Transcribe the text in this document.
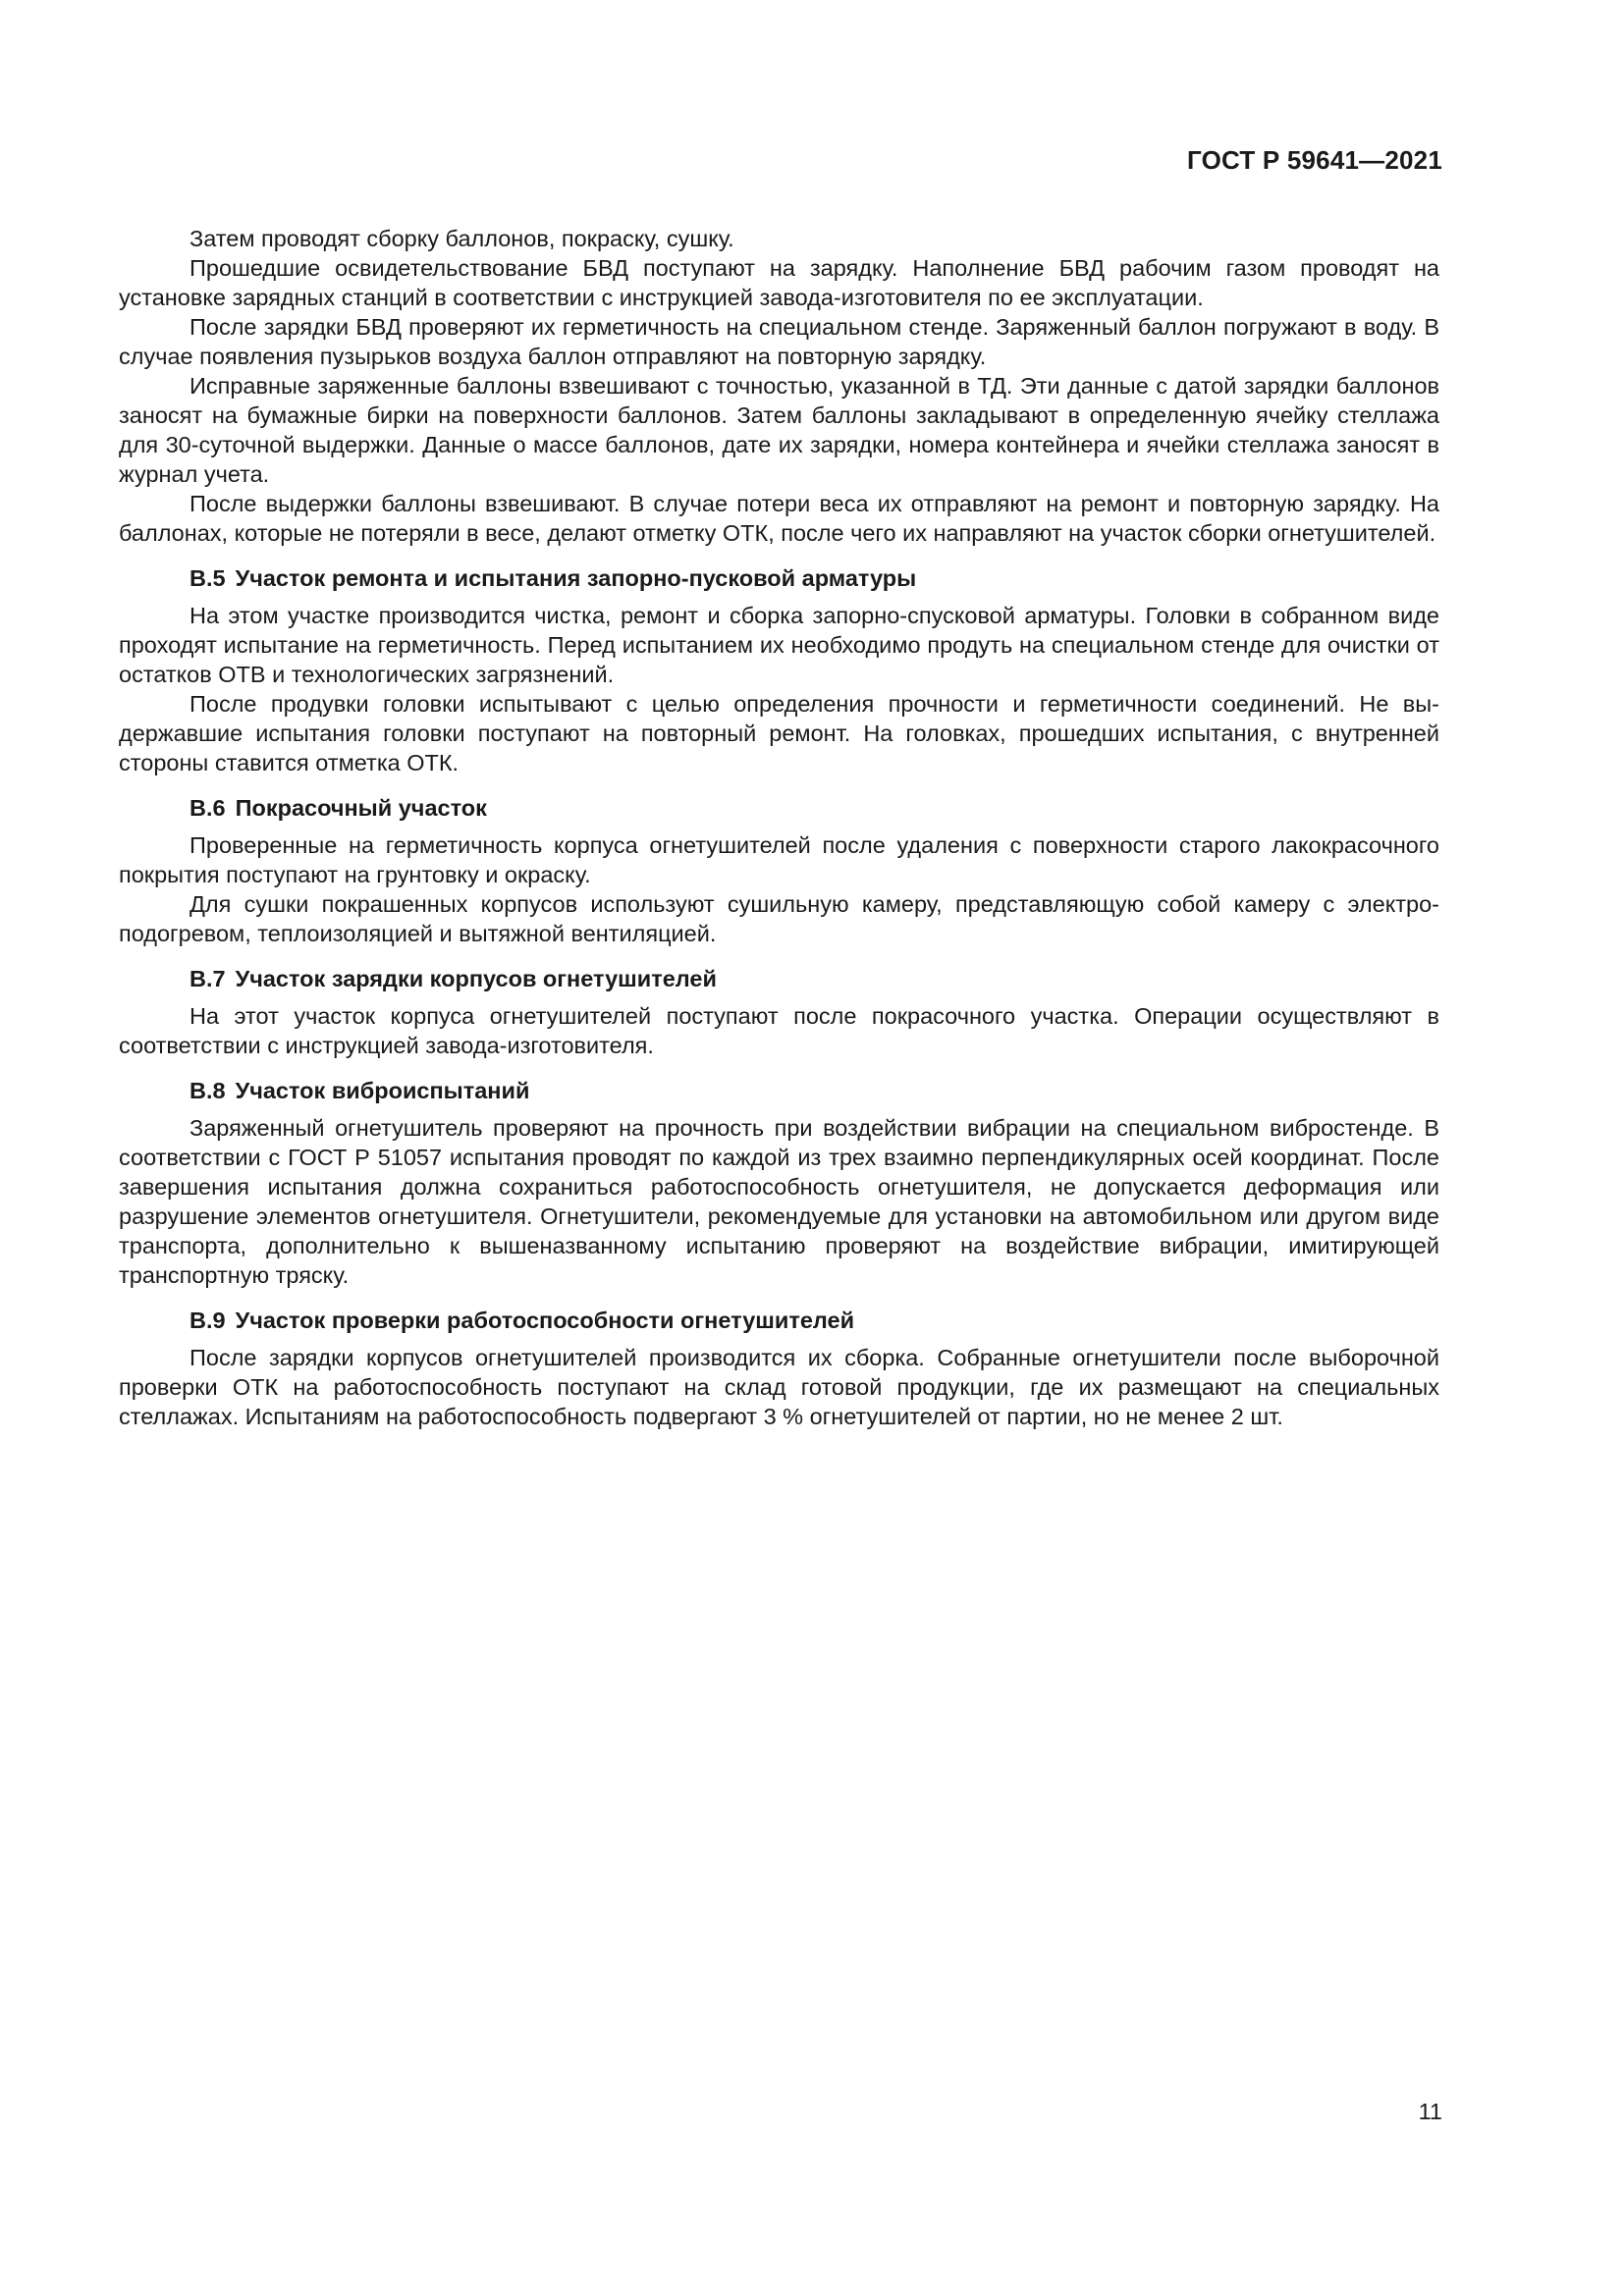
ГОСТ Р 59641—2021

Затем проводят сборку баллонов, покраску, сушку.

Прошедшие освидетельствование БВД поступают на зарядку. Наполнение БВД рабочим газом проводят на установке зарядных станций в соответствии с инструкцией завода-изготовителя по ее эксплуатации.

После зарядки БВД проверяют их герметичность на специальном стенде. Заряженный баллон погружают в воду. В случае появления пузырьков воздуха баллон отправляют на повторную зарядку.

Исправные заряженные баллоны взвешивают с точностью, указанной в ТД. Эти данные с датой зарядки баллонов заносят на бумажные бирки на поверхности баллонов. Затем баллоны закладывают в определенную ячейку стеллажа для 30-суточной выдержки. Данные о массе баллонов, дате их зарядки, номера контейнера и ячейки стеллажа заносят в журнал учета.

После выдержки баллоны взвешивают. В случае потери веса их отправляют на ремонт и повторную зарядку. На баллонах, которые не потеряли в весе, делают отметку ОТК, после чего их направляют на участок сборки огнетушителей.

В.5 Участок ремонта и испытания запорно-пусковой арматуры

На этом участке производится чистка, ремонт и сборка запорно-спусковой арматуры. Головки в собранном виде проходят испытание на герметичность. Перед испытанием их необходимо продуть на специальном стенде для очистки от остатков ОТВ и технологических загрязнений.

После продувки головки испытывают с целью определения прочности и герметичности соединений. Не выдержавшие испытания головки поступают на повторный ремонт. На головках, прошедших испытания, с внутренней стороны ставится отметка ОТК.

В.6 Покрасочный участок

Проверенные на герметичность корпуса огнетушителей после удаления с поверхности старого лакокрасочного покрытия поступают на грунтовку и окраску.

Для сушки покрашенных корпусов используют сушильную камеру, представляющую собой камеру с электроподогревом, теплоизоляцией и вытяжной вентиляцией.

В.7 Участок зарядки корпусов огнетушителей

На этот участок корпуса огнетушителей поступают после покрасочного участка. Операции осуществляют в соответствии с инструкцией завода-изготовителя.

В.8 Участок виброиспытаний

Заряженный огнетушитель проверяют на прочность при воздействии вибрации на специальном вибростенде. В соответствии с ГОСТ Р 51057 испытания проводят по каждой из трех взаимно перпендикулярных осей координат. После завершения испытания должна сохраниться работоспособность огнетушителя, не допускается деформация или разрушение элементов огнетушителя. Огнетушители, рекомендуемые для установки на автомобильном или другом виде транспорта, дополнительно к вышеназванному испытанию проверяют на воздействие вибрации, имитирующей транспортную тряску.

В.9 Участок проверки работоспособности огнетушителей

После зарядки корпусов огнетушителей производится их сборка. Собранные огнетушители после выборочной проверки ОТК на работоспособность поступают на склад готовой продукции, где их размещают на специальных стеллажах. Испытаниям на работоспособность подвергают 3 % огнетушителей от партии, но не менее 2 шт.

11
